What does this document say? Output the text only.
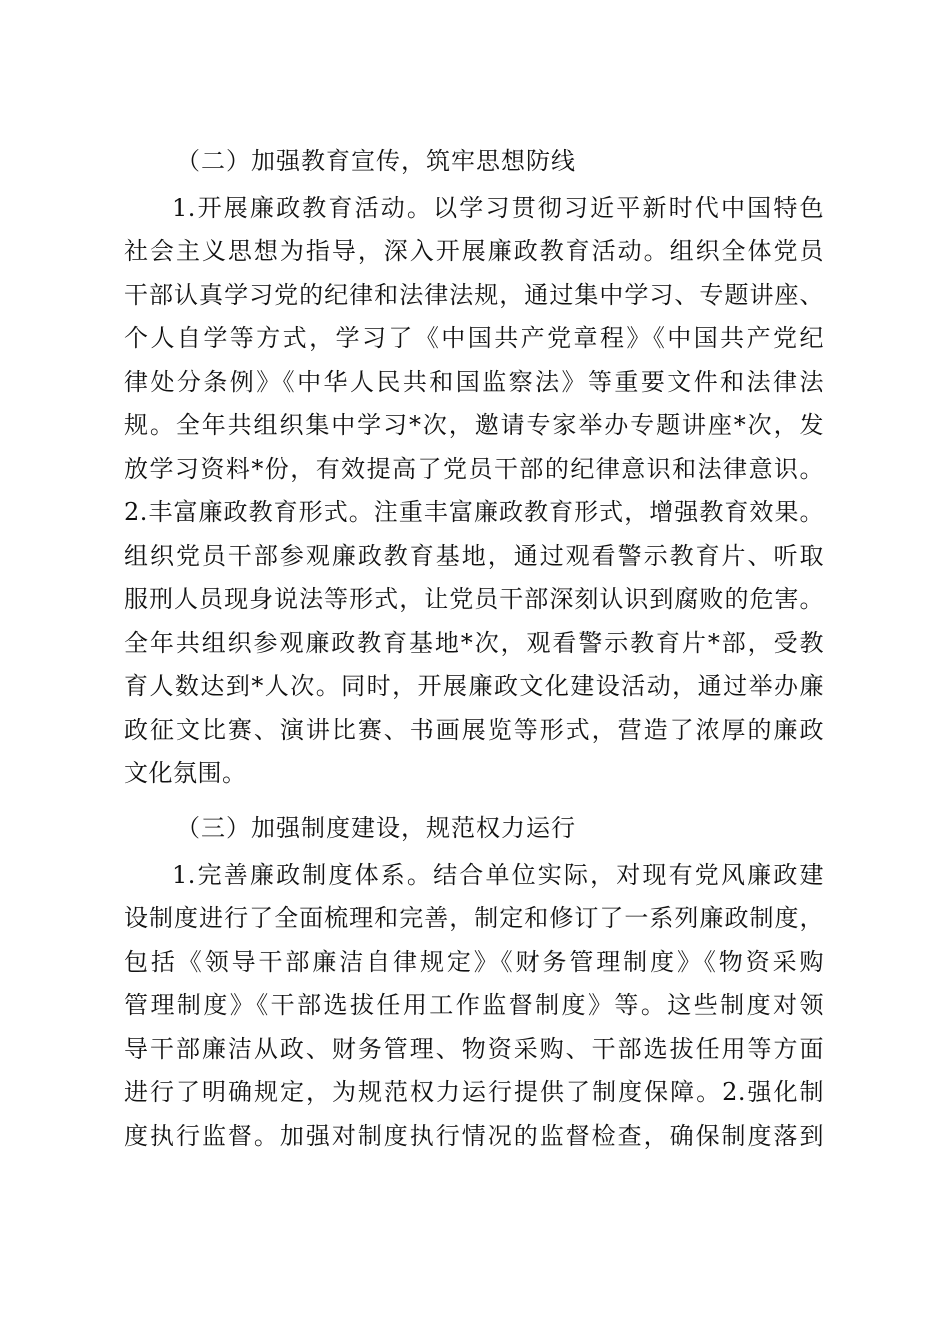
（二）加强教育宣传，筑牢思想防线
1.开展廉政教育活动。以学习贯彻习近平新时代中国特色
社会主义思想为指导，深入开展廉政教育活动。组织全体党员
干部认真学习党的纪律和法律法规，通过集中学习、专题讲座、
个人自学等方式，学习了《中国共产党章程》《中国共产党纪
律处分条例》《中华人民共和国监察法》等重要文件和法律法
规。全年共组织集中学习*次，邀请专家举办专题讲座*次，发
放学习资料*份，有效提高了党员干部的纪律意识和法律意识。
2.丰富廉政教育形式。注重丰富廉政教育形式，增强教育效果。
组织党员干部参观廉政教育基地，通过观看警示教育片、听取
服刑人员现身说法等形式，让党员干部深刻认识到腐败的危害。
全年共组织参观廉政教育基地*次，观看警示教育片*部，受教
育人数达到*人次。同时，开展廉政文化建设活动，通过举办廉
政征文比赛、演讲比赛、书画展览等形式，营造了浓厚的廉政
文化氛围。
（三）加强制度建设，规范权力运行
1.完善廉政制度体系。结合单位实际，对现有党风廉政建
设制度进行了全面梳理和完善，制定和修订了一系列廉政制度，
包括《领导干部廉洁自律规定》《财务管理制度》《物资采购
管理制度》《干部选拔任用工作监督制度》等。这些制度对领
导干部廉洁从政、财务管理、物资采购、干部选拔任用等方面
进行了明确规定，为规范权力运行提供了制度保障。2.强化制
度执行监督。加强对制度执行情况的监督检查，确保制度落到
